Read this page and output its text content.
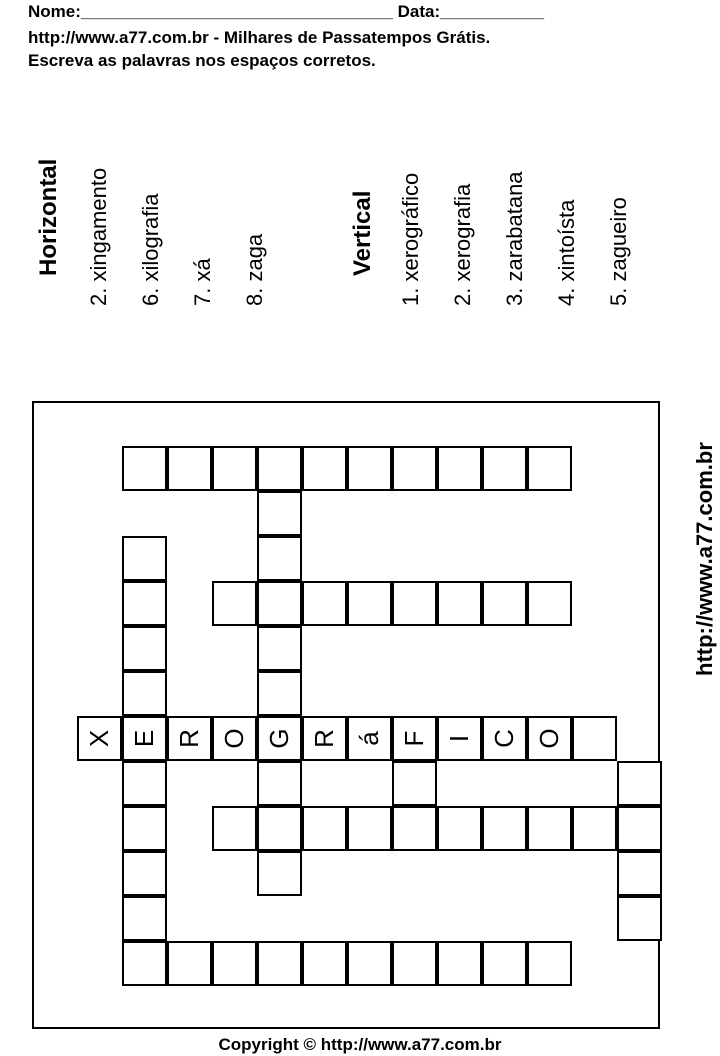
Nome:_________________________________ Data:___________
http://www.a77.com.br - Milhares de Passatempos Grátis.
Escreva as palavras nos espaços corretos.
Horizontal 2. xingamento 6. xilografia 7. xá 8. zaga	Vertical 1. xerográfico 2. xerografia 3. zarabatana 4. xintoísta 5. zagueiro
http://www.a77.com.br
X E R O G R á F I C O
Copyright © http://www.a77.com.br
